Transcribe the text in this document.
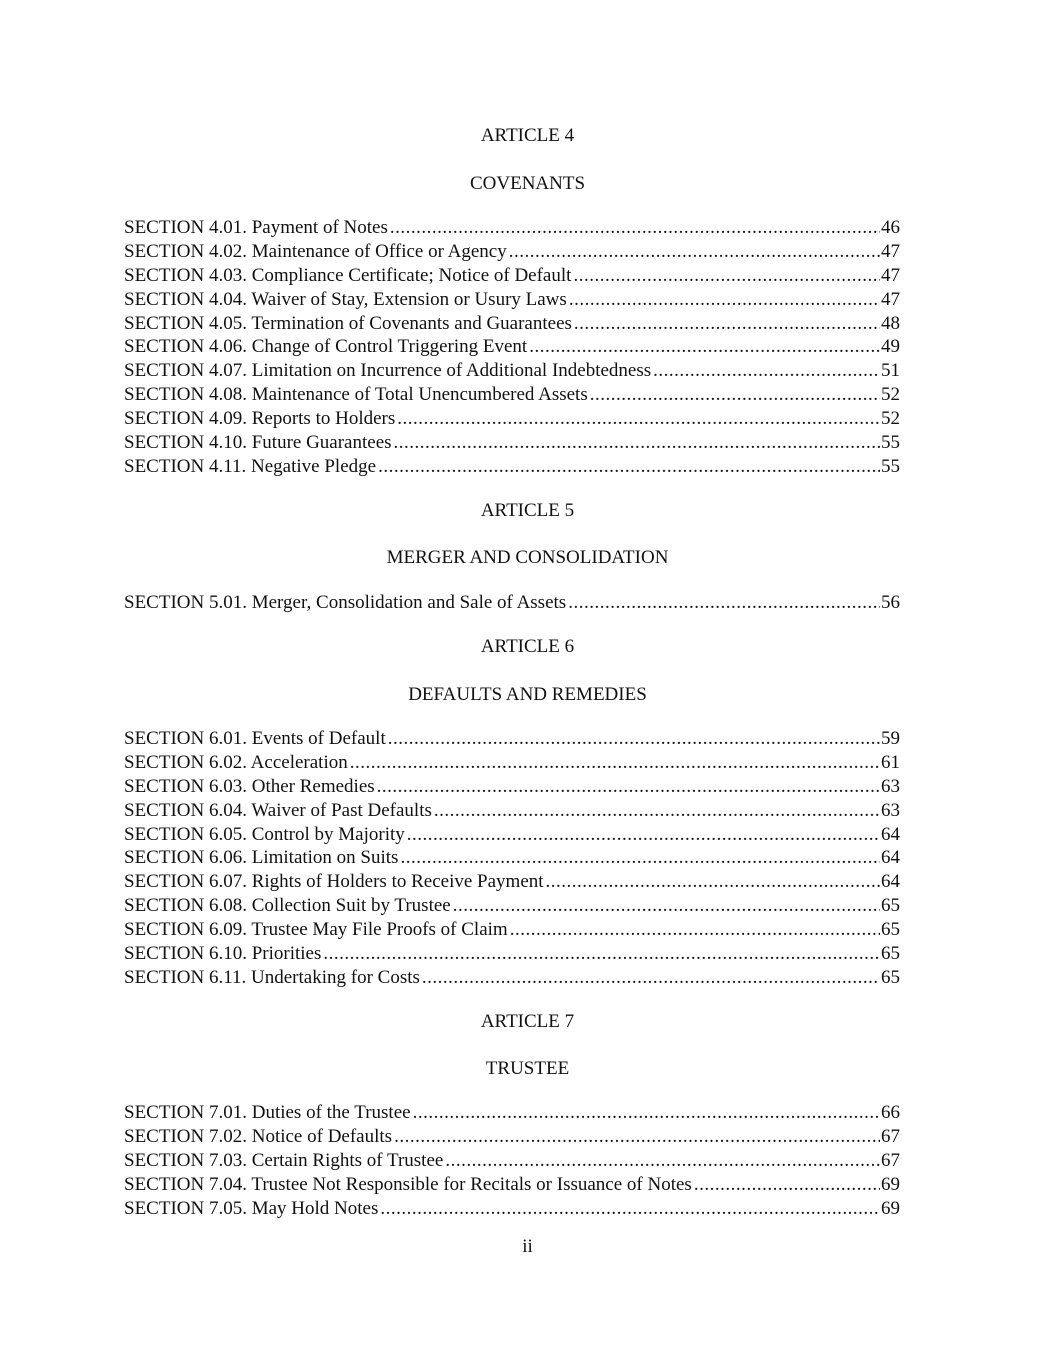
ARTICLE 4
COVENANTS
SECTION 4.01. Payment of Notes .....	46
SECTION 4.02. Maintenance of Office or Agency .....	47
SECTION 4.03. Compliance Certificate; Notice of Default .....	47
SECTION 4.04. Waiver of Stay, Extension or Usury Laws .....	47
SECTION 4.05. Termination of Covenants and Guarantees .....	48
SECTION 4.06. Change of Control Triggering Event .....	49
SECTION 4.07. Limitation on Incurrence of Additional Indebtedness .....	51
SECTION 4.08. Maintenance of Total Unencumbered Assets .....	52
SECTION 4.09. Reports to Holders .....	52
SECTION 4.10. Future Guarantees .....	55
SECTION 4.11. Negative Pledge .....	55
ARTICLE 5
MERGER AND CONSOLIDATION
SECTION 5.01. Merger, Consolidation and Sale of Assets .....	56
ARTICLE 6
DEFAULTS AND REMEDIES
SECTION 6.01. Events of Default .....	59
SECTION 6.02. Acceleration .....	61
SECTION 6.03. Other Remedies .....	63
SECTION 6.04. Waiver of Past Defaults .....	63
SECTION 6.05. Control by Majority .....	64
SECTION 6.06. Limitation on Suits .....	64
SECTION 6.07. Rights of Holders to Receive Payment .....	64
SECTION 6.08. Collection Suit by Trustee .....	65
SECTION 6.09. Trustee May File Proofs of Claim .....	65
SECTION 6.10. Priorities .....	65
SECTION 6.11. Undertaking for Costs .....	65
ARTICLE 7
TRUSTEE
SECTION 7.01. Duties of the Trustee .....	66
SECTION 7.02. Notice of Defaults .....	67
SECTION 7.03. Certain Rights of Trustee .....	67
SECTION 7.04. Trustee Not Responsible for Recitals or Issuance of Notes .....	69
SECTION 7.05. May Hold Notes .....	69
ii
